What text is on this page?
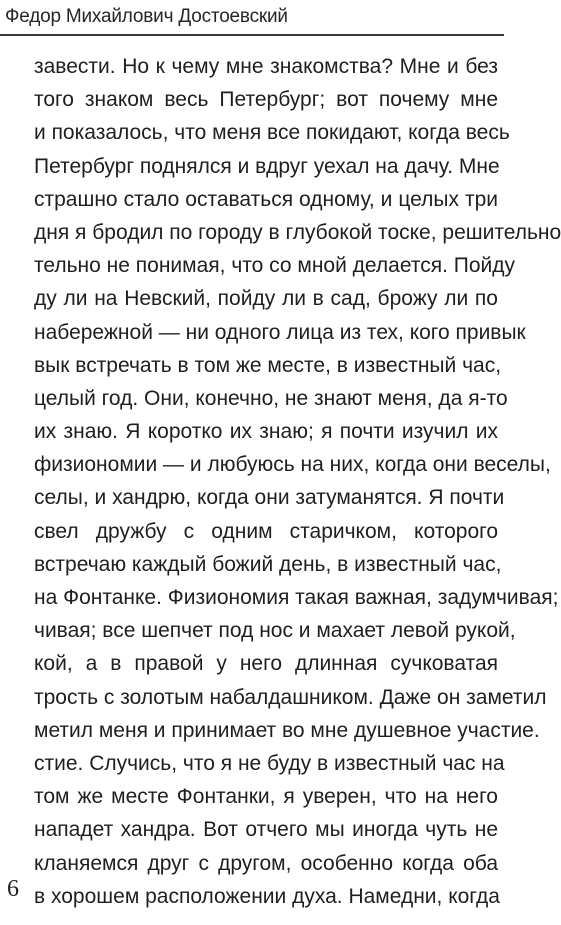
Федор Михайлович Достоевский
завести. Но к чему мне знакомства? Мне и без
того знаком весь Петербург; вот почему мне
и показалось, что меня все покидают, когда весь
Петербург поднялся и вдруг уехал на дачу. Мне
страшно стало оставаться одному, и целых три
дня я бродил по городу в глубокой тоске, решительно
тельно не понимая, что со мной делается. Пойду
ду ли на Невский, пойду ли в сад, брожу ли по
набережной — ни одного лица из тех, кого привык
вык встречать в том же месте, в известный час,
целый год. Они, конечно, не знают меня, да я-то
их знаю. Я коротко их знаю; я почти изучил их
физиономии — и любуюсь на них, когда они веселы,
селы, и хандрю, когда они затуманятся. Я почти
свел дружбу с одним старичком, которого
встречаю каждый божий день, в известный час,
на Фонтанке. Физиономия такая важная, задумчивая;
чивая; все шепчет под нос и махает левой рукой,
кой, а в правой у него длинная сучковатая
трость с золотым набалдашником. Даже он заметил
метил меня и принимает во мне душевное участие.
стие. Случись, что я не буду в известный час на
том же месте Фонтанки, я уверен, что на него
нападет хандра. Вот отчего мы иногда чуть не
кланяемся друг с другом, особенно когда оба
в хорошем расположении духа. Намедни, когда
6
